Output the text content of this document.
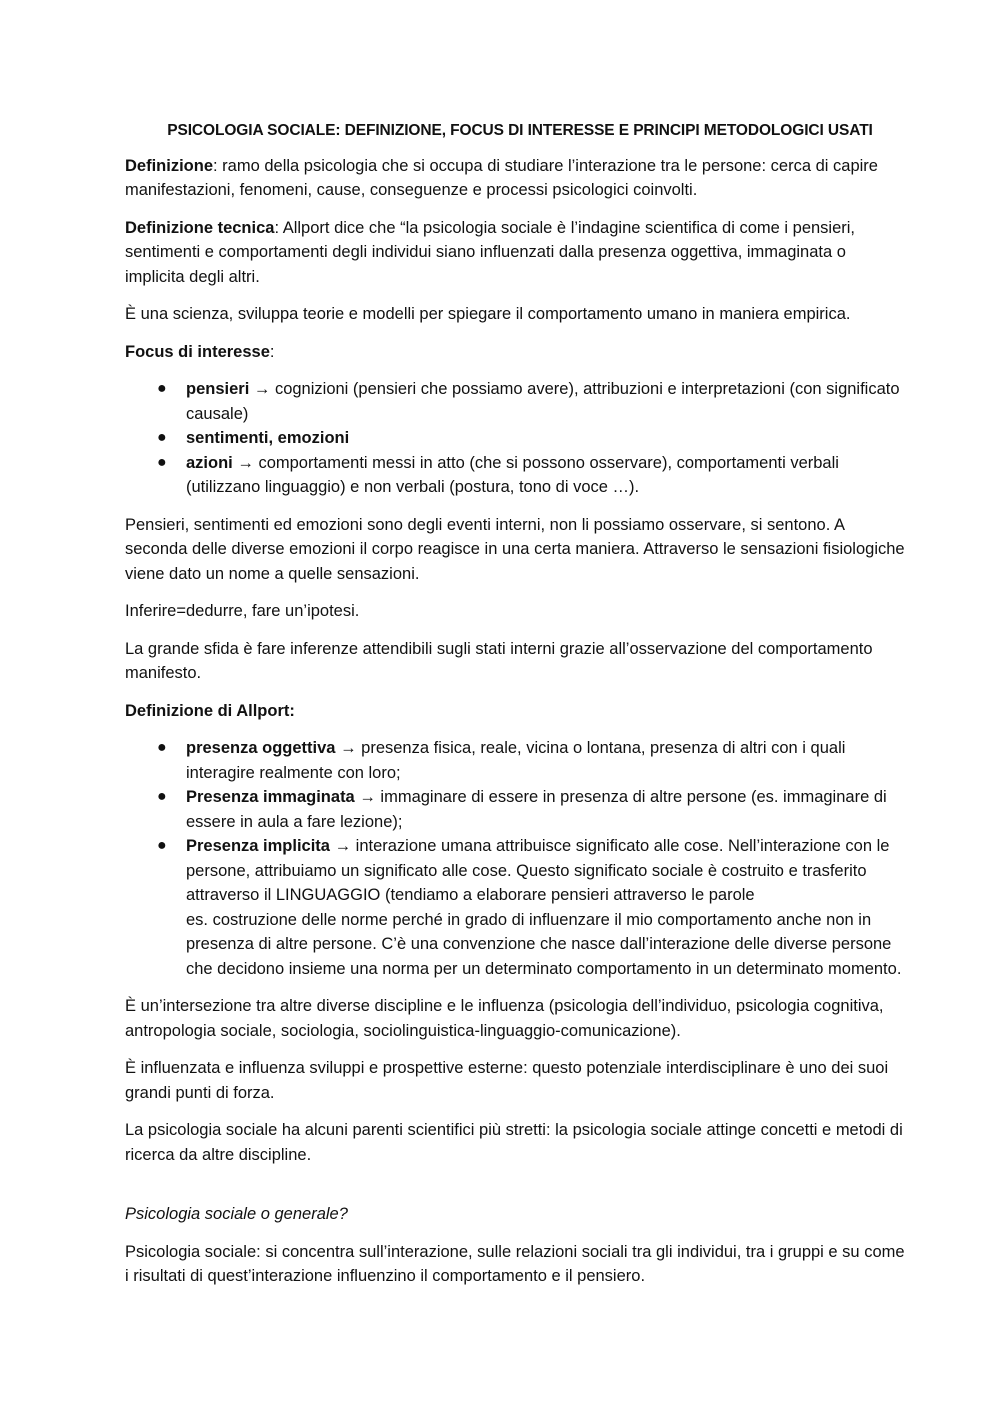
PSICOLOGIA SOCIALE: DEFINIZIONE, FOCUS DI INTERESSE E PRINCIPI METODOLOGICI USATI

Definizione: ramo della psicologia che si occupa di studiare l’interazione tra le persone: cerca di capire manifestazioni, fenomeni, cause, conseguenze e processi psicologici coinvolti.

Definizione tecnica: Allport dice che “la psicologia sociale è l’indagine scientifica di come i pensieri, sentimenti e comportamenti degli individui siano influenzati dalla presenza oggettiva, immaginata o implicita degli altri.

È una scienza, sviluppa teorie e modelli per spiegare il comportamento umano in maniera empirica.

Focus di interesse:

● pensieri → cognizioni (pensieri che possiamo avere), attribuzioni e interpretazioni (con significato causale)
● sentimenti, emozioni
● azioni → comportamenti messi in atto (che si possono osservare), comportamenti verbali (utilizzano linguaggio) e non verbali (postura, tono di voce …).

Pensieri, sentimenti ed emozioni sono degli eventi interni, non li possiamo osservare, si sentono. A seconda delle diverse emozioni il corpo reagisce in una certa maniera. Attraverso le sensazioni fisiologiche viene dato un nome a quelle sensazioni.

Inferire=dedurre, fare un’ipotesi.

La grande sfida è fare inferenze attendibili sugli stati interni grazie all’osservazione del comportamento manifesto.

Definizione di Allport:

● presenza oggettiva → presenza fisica, reale, vicina o lontana, presenza di altri con i quali interagire realmente con loro;
● Presenza immaginata → immaginare di essere in presenza di altre persone (es. immaginare di essere in aula a fare lezione);
● Presenza implicita → interazione umana attribuisce significato alle cose. Nell’interazione con le persone, attribuiamo un significato alle cose. Questo significato sociale è costruito e trasferito attraverso il LINGUAGGIO (tendiamo a elaborare pensieri attraverso le parole
es. costruzione delle norme perché in grado di influenzare il mio comportamento anche non in presenza di altre persone. C’è una convenzione che nasce dall’interazione delle diverse persone che decidono insieme una norma per un determinato comportamento in un determinato momento.

È un’intersezione tra altre diverse discipline e le influenza (psicologia dell’individuo, psicologia cognitiva, antropologia sociale, sociologia, sociolinguistica-linguaggio-comunicazione).

È influenzata e influenza sviluppi e prospettive esterne: questo potenziale interdisciplinare è uno dei suoi grandi punti di forza.

La psicologia sociale ha alcuni parenti scientifici più stretti: la psicologia sociale attinge concetti e metodi di ricerca da altre discipline.

Psicologia sociale o generale?

Psicologia sociale: si concentra sull’interazione, sulle relazioni sociali tra gli individui, tra i gruppi e su come i risultati di quest’interazione influenzino il comportamento e il pensiero.
